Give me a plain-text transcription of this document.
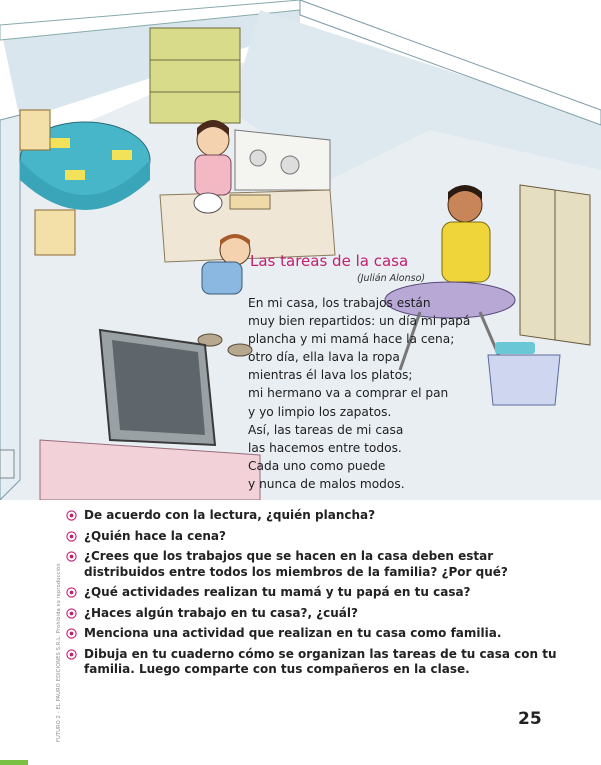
Las tareas de la casa
(Julián Alonso)
En mi casa, los trabajos están
muy bien repartidos: un día mi papá
plancha y mi mamá hace la cena;
otro día, ella lava la ropa
mientras él lava los platos;
mi hermano va a comprar el pan
y yo limpio los zapatos.
Así, las tareas de mi casa
las hacemos entre todos.
Cada uno como puede
y nunca de malos modos.
De acuerdo con la lectura, ¿quién plancha?
¿Quién hace la cena?
¿Crees que los trabajos que se hacen en la casa deben estar distribuidos entre todos los miembros de la familia? ¿Por qué?
¿Qué actividades realizan tu mamá y tu papá en tu casa?
¿Haces algún trabajo en tu casa?, ¿cuál?
Menciona una actividad que realizan en tu casa como familia.
Dibuja en tu cuaderno cómo se organizan las tareas de tu casa con tu familia. Luego comparte con tus compañeros en la clase.
FUTURO 2 - EL PAURO EDICIONES S.R.L. Prohibida su reproducción	25
